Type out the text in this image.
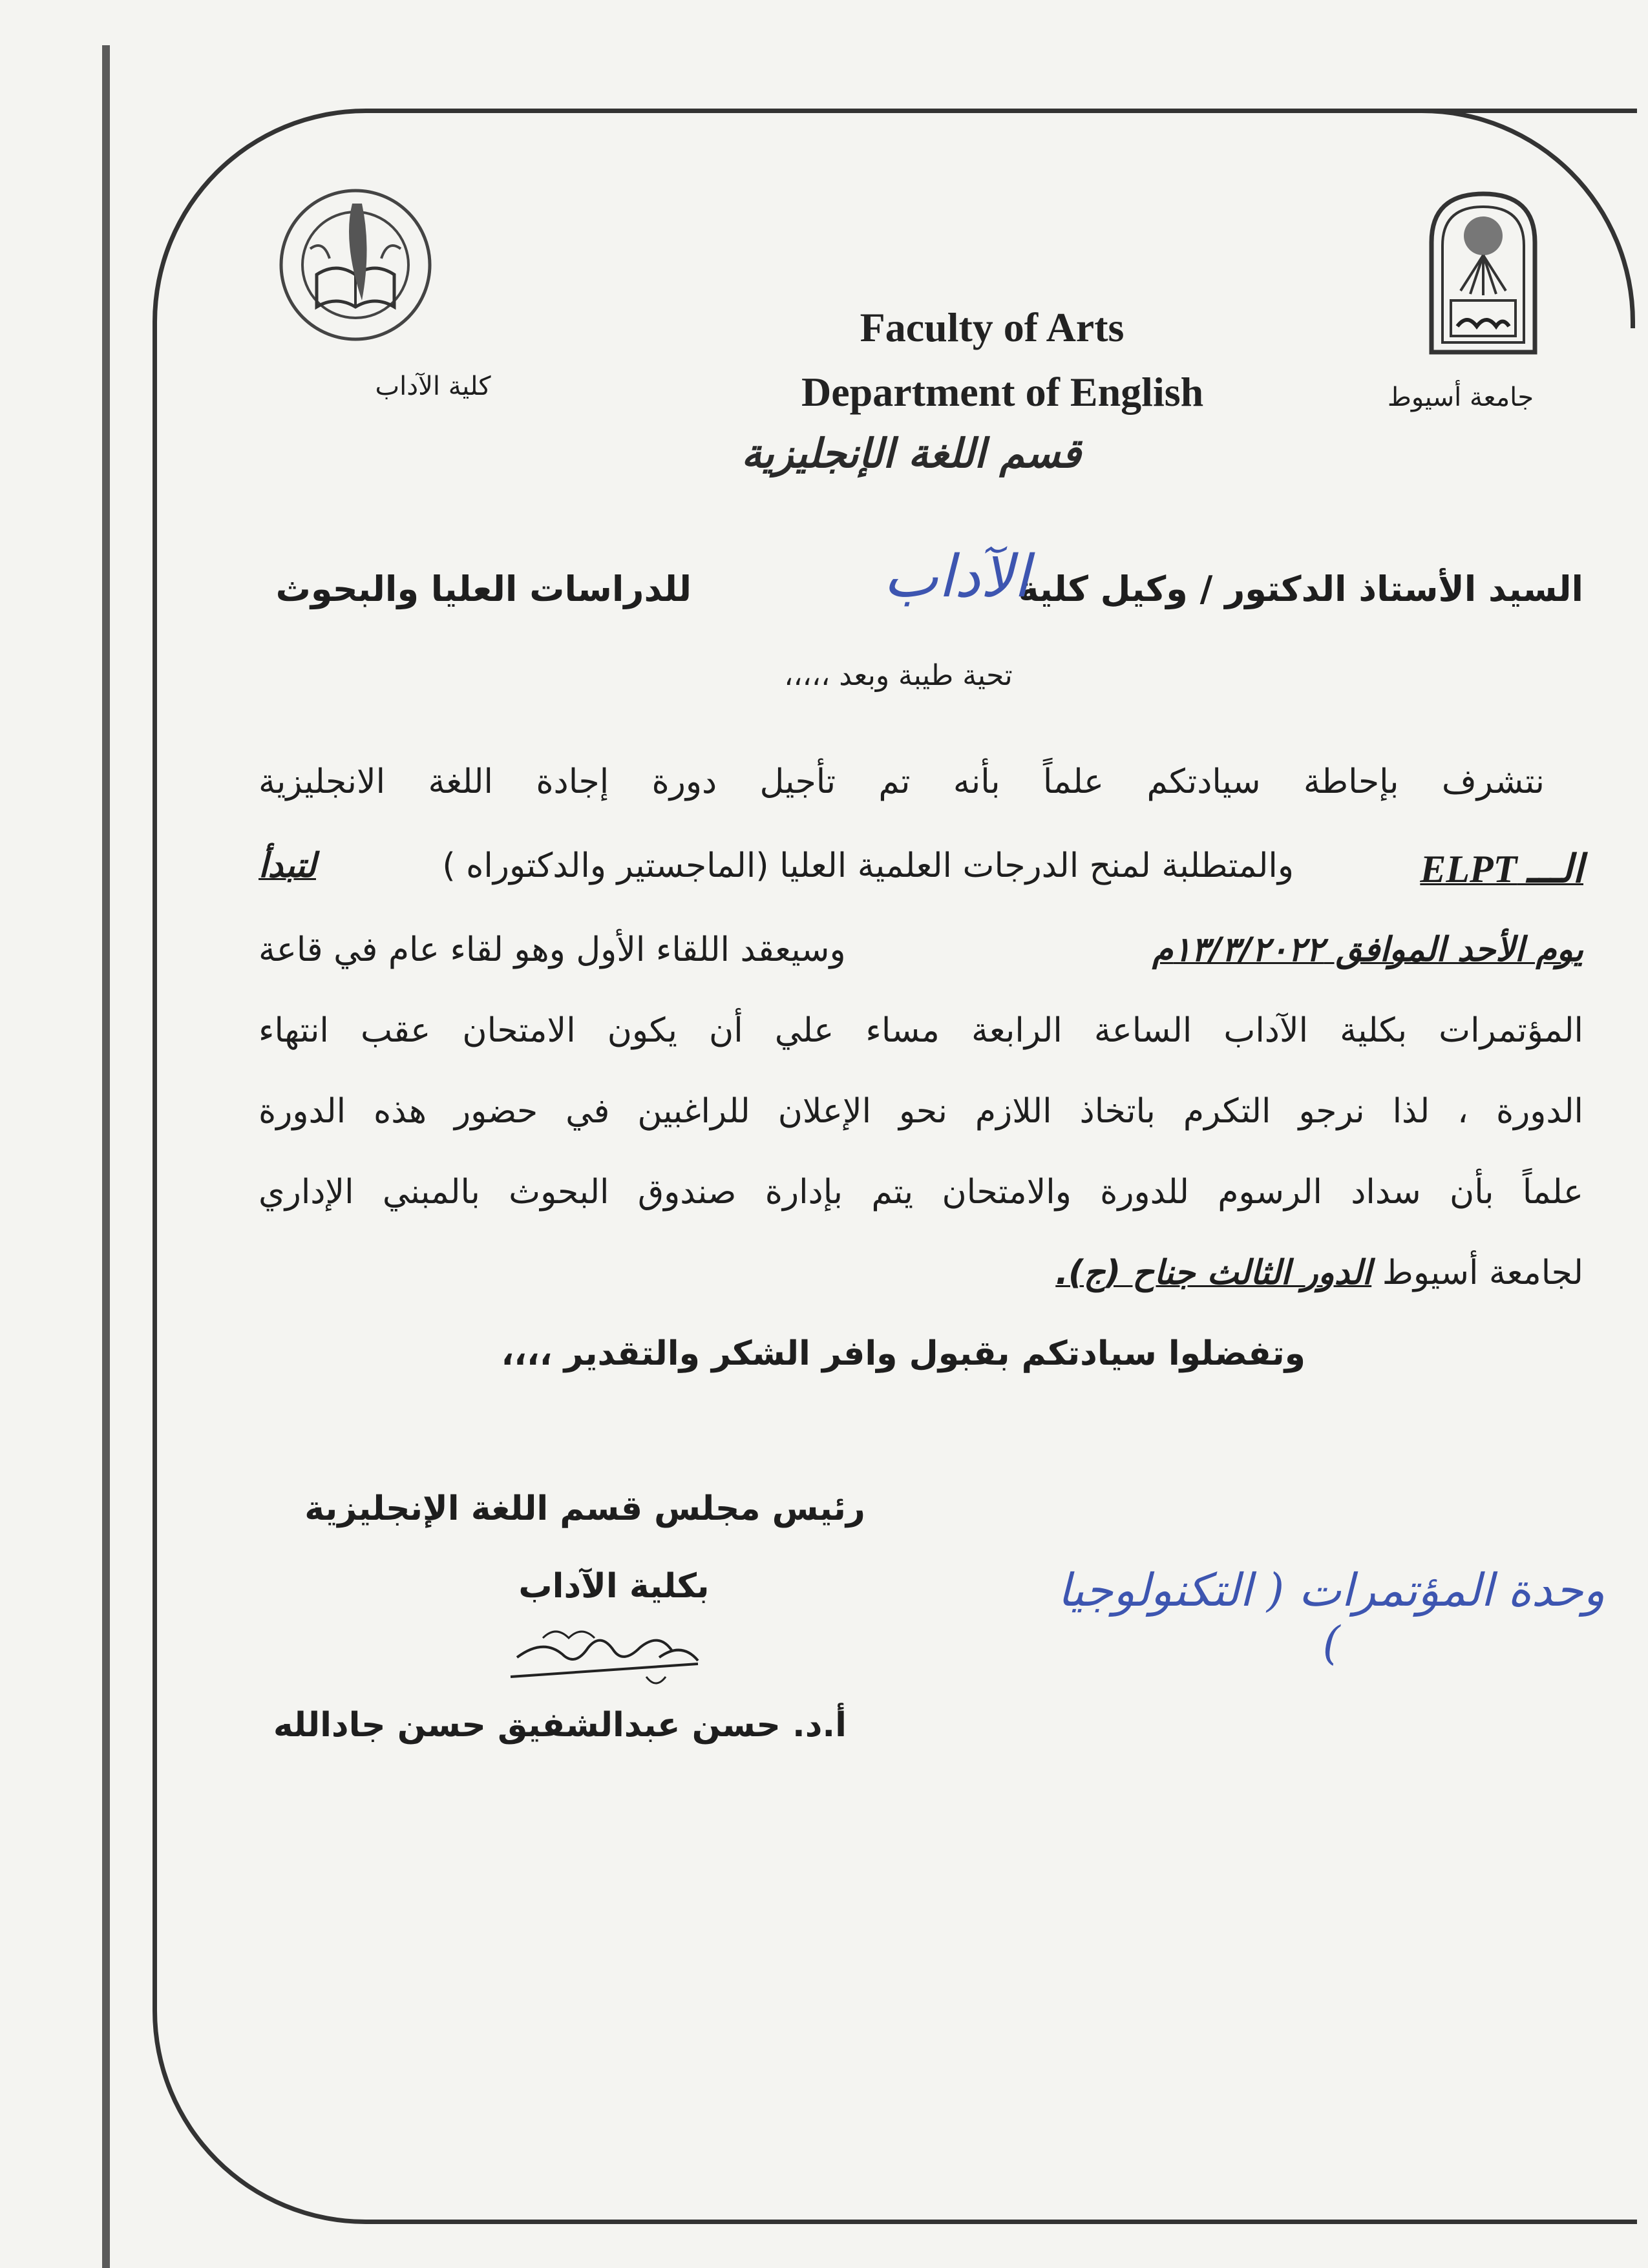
Faculty of Arts
Department of English
قسم اللغة الإنجليزية
كلية الآداب	جامعة أسيوط
السيد الأستاذ الدكتور / وكيل كلية
الآداب
للدراسات العليا والبحوث
تحية طيبة وبعد ،،،،،
نتشرف بإحاطة سيادتكم علماً بأنه تم تأجيل دورة إجادة اللغة الانجليزية
الـــ ELPT
والمتطلبة لمنح الدرجات العلمية العليا (الماجستير والدكتوراه )
لتبدأ
يوم الأحد الموافق ١٣/٣/٢٠٢٢م
وسيعقد اللقاء الأول وهو لقاء عام في قاعة
المؤتمرات بكلية الآداب الساعة الرابعة مساء علي أن يكون الامتحان عقب انتهاء
الدورة ، لذا نرجو التكرم باتخاذ اللازم نحو الإعلان للراغبين في حضور هذه الدورة
علماً بأن سداد الرسوم للدورة والامتحان يتم بإدارة صندوق البحوث بالمبني الإداري
لجامعة أسيوط الدور الثالث جناح (ج).
وتفضلوا سيادتكم بقبول وافر الشكر والتقدير ،،،،
رئيس مجلس قسم اللغة الإنجليزية
بكلية الآداب
أ.د. حسن عبدالشفيق حسن جادالله
وحدة المؤتمرات ( التكنولوجيا )
